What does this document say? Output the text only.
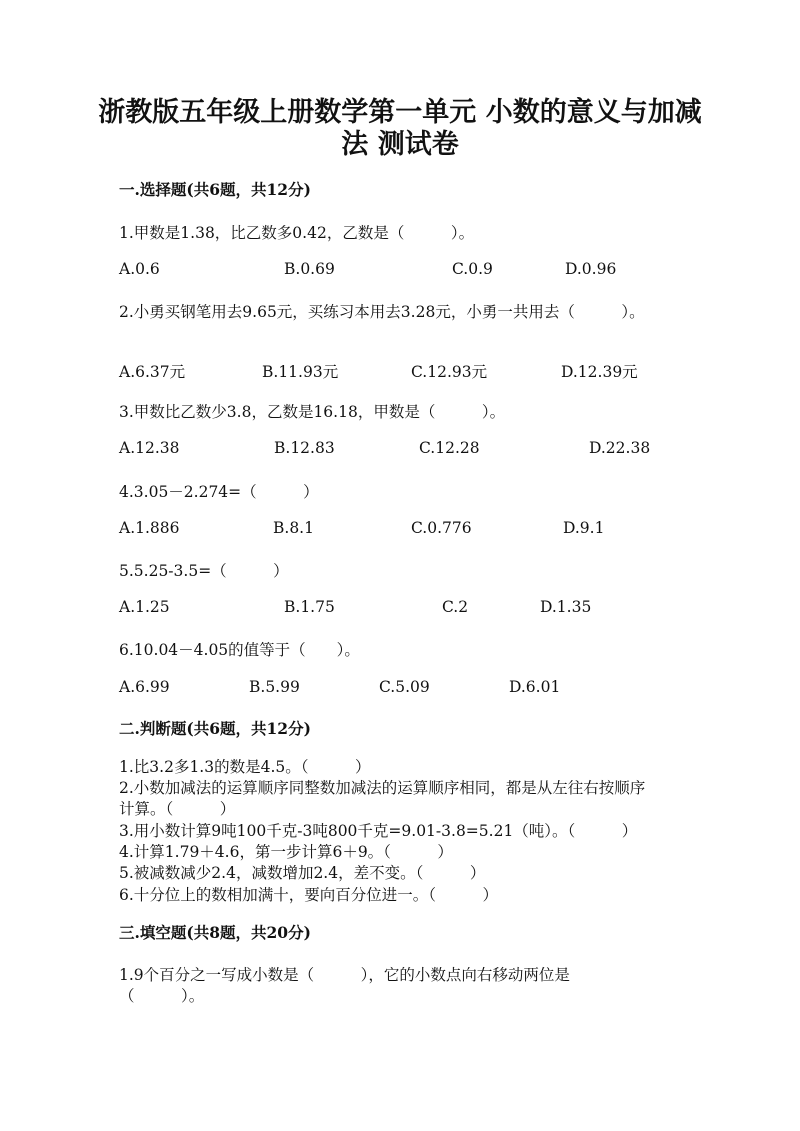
浙教版五年级上册数学第一单元 小数的意义与加减
法 测试卷
一.选择题(共6题，共12分)
1.甲数是1.38，比乙数多0.42，乙数是（　　　）。
A.0.6	B.0.69	C.0.9	D.0.96
2.小勇买钢笔用去9.65元，买练习本用去3.28元，小勇一共用去（　　　）。
A.6.37元	B.11.93元	C.12.93元	D.12.39元
3.甲数比乙数少3.8，乙数是16.18，甲数是（　　　）。
A.12.38	B.12.83	C.12.28	D.22.38
4.3.05－2.274=（　　　）
A.1.886	B.8.1	C.0.776	D.9.1
5.5.25-3.5=（　　　）
A.1.25	B.1.75	C.2	D.1.35
6.10.04－4.05的值等于（　　）。
A.6.99	B.5.99	C.5.09	D.6.01
二.判断题(共6题，共12分)
1.比3.2多1.3的数是4.5。（　　　）
2.小数加减法的运算顺序同整数加减法的运算顺序相同，都是从左往右按顺序
计算。（　　　）
3.用小数计算9吨100千克-3吨800千克=9.01-3.8=5.21（吨）。（　　　）
4.计算1.79＋4.6，第一步计算6＋9。（　　　）
5.被减数减少2.4，减数增加2.4，差不变。（　　　）
6.十分位上的数相加满十，要向百分位进一。（　　　）
三.填空题(共8题，共20分)
1.9个百分之一写成小数是（　　　），它的小数点向右移动两位是
（　　　）。
